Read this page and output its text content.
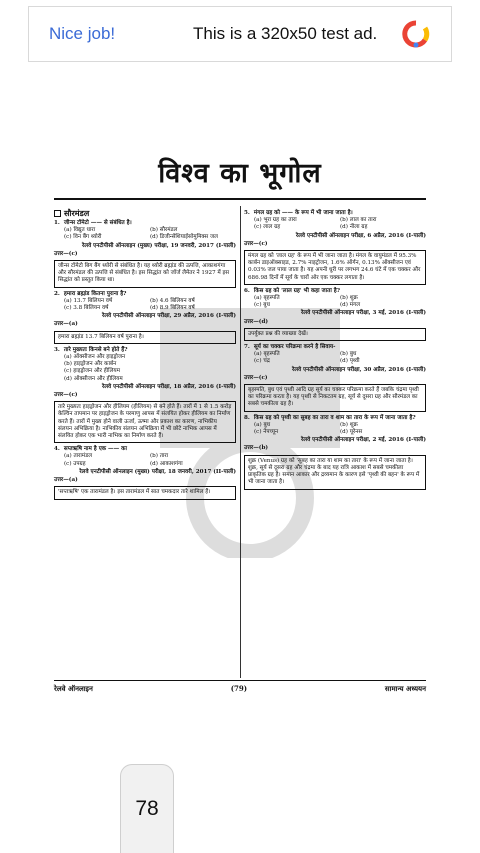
Nice job!	This is a 320x50 test ad.
विश्व का भूगोल
सौरमंडल
1. जीन्स टॉमेटो —— से संबंधित है।
(a) विद्युत धारा	(b) सौरमंडल
(c) विन बैंग थ्योरी	(d) डिजीन्सेशियाईसोमुमिक्स जल
रेलवे एनटीपीसी ऑनलाइन (मुख्य) परीक्षा, 19 जनवरी, 2017 (I-पाली)
उत्तर—(c)
जीन्स टॉमेटो बिग बैंग थ्योरी से संबंधित है। यह थ्योरी ब्रह्मांड की उत्पत्ति, आकाशगंगा और सौरमंडल की उत्पत्ति से संबंधित है। इस सिद्धांत को जॉर्ज लैमेतर ने 1927 में इस सिद्धांत को प्रस्तुत किया था।
2. हमारा ब्रह्मांड कितना पुराना है?
(a) 13.7 बिलियन वर्ष	(b) 4.6 बिलियन वर्ष
(c) 3.8 बिलियन वर्ष	(d) 8.9 बिलियन वर्ष
रेलवे एनटीपीसी ऑनलाइन परीक्षा, 29 अप्रैल, 2016 (I-पाली)
उत्तर—(a)
हमारा ब्रह्मांड 13.7 बिलियन वर्ष पुराना है।
3. तारे मुख्यतः किनसे बने होते हैं?
(a) ऑक्सीजन और हाइड्रोजन
(b) हाइड्रोजन और कार्बन
(c) हाइड्रोजन और हीलियम
(d) ऑक्सीजन और हीलियम
रेलवे एनटीपीसी ऑनलाइन परीक्षा, 18 अप्रैल, 2016 (I-पाली)
उत्तर—(c)
तारे मुख्यतः हाइड्रोजन और हीलियम (हीलियम) से बने होते हैं। तारों में 1 से 1.5 करोड़ केल्विन तापमान पर हाइड्रोजन के परमाणु आपस में संलयित होकर हीलियम का निर्माण करते हैं। तारों में मुख्य होने वाली ऊर्जा, ऊष्मा और प्रकाश का कारण, नाभिकीय संलयन अभिक्रिया है। नाभिकीय संलयन अभिक्रिया में भी छोटे नाभिक आपस में संलयित होकर एक भारी नाभिक का निर्माण करते हैं।
4. सप्तऋषि नाम है एक —— का
(a) तारामंडल	(b) तारा
(c) उपग्रह	(d) आकाशगंगा
रेलवे एनटीपीसी ऑनलाइन (मुख्य) परीक्षा, 18 जनवरी, 2017 (II-पाली)
उत्तर—(a)
'सप्तऋषि' एक तारामंडल है। इस तारामंडल में सात चमकदार तारे शामिल हैं।
5. मंगल ग्रह को —— के रूप में भी जाना जाता है।
(a) भूरा ग्रह का तारा	(b) लाल का तारा
(c) लाल ग्रह	(d) नीला ग्रह
रेलवे एनटीपीसी ऑनलाइन परीक्षा, 6 अप्रैल, 2016 (I-पाली)
उत्तर—(c)
मंगल ग्रह को 'लाल ग्रह' के रूप में भी जाना जाता है। मंगल के वायुमंडल में 95.3% कार्बन डाइऑक्साइड, 2.7% नाइट्रोजन, 1.6% ऑर्गन, 0.13% ऑक्सीजन एवं 0.03% जल पाया जाता है। यह अपनी धुरी पर लगभग 24.6 घंटे में एक चक्कर और 686.98 दिनों में सूर्य के चारों ओर एक चक्कर लगाता है।
6. किस ग्रह को 'लाल ग्रह' भी कहा जाता है?
(a) बृहस्पति	(b) शुक्र
(c) बुध	(d) मंगल
रेलवे एनटीपीसी ऑनलाइन परीक्षा, 3 मई, 2016 (I-पाली)
उत्तर—(d)
उपर्युक्त प्रश्न की व्याख्या देखें।
7. सूर्य का चक्कर परिक्रमा करने है सिवाय-
(a) बृहस्पति	(b) बुध
(c) चंद्र	(d) पृथ्वी
रेलवे एनटीपीसी ऑनलाइन परीक्षा, 30 अप्रैल, 2016 (I-पाली)
उत्तर—(c)
बृहस्पति, बुध एवं पृथ्वी आदि ग्रह सूर्य का चक्कर परिक्रमा करते हैं जबकि चंद्रमा पृथ्वी का परिक्रमा करता है। यह पृथ्वी से निकटतम ग्रह, सूर्य से दूसरा ग्रह और सौरमंडल का सबसे चमकीला ग्रह है।
8. किस ग्रह को पृथ्वी का सुबह का तारा व शाम का तारा के रूप में जाना जाता है?
(a) बुध	(b) शुक्र
(c) नेपच्यून	(d) यूरेनस
रेलवे एनटीपीसी ऑनलाइन परीक्षा, 2 मई, 2016 (I-पाली)
उत्तर—(b)
शुक्र (Venus) ग्रह को 'सुबह का तारा या शाम का तारा' के रूप में जाना जाता है। शुक्र, सूर्य से दूसरा ग्रह और चंद्रमा के बाद यह रात्रि आकाश में सबसे चमकीला प्राकृतिक ग्रह है। समान आकार और द्रव्यमान के कारण इसे 'पृथ्वी की बहन' के रूप में भी जाना जाता है।
रेलवे ऑनलाइन	(79)	सामान्य अध्ययन
78
